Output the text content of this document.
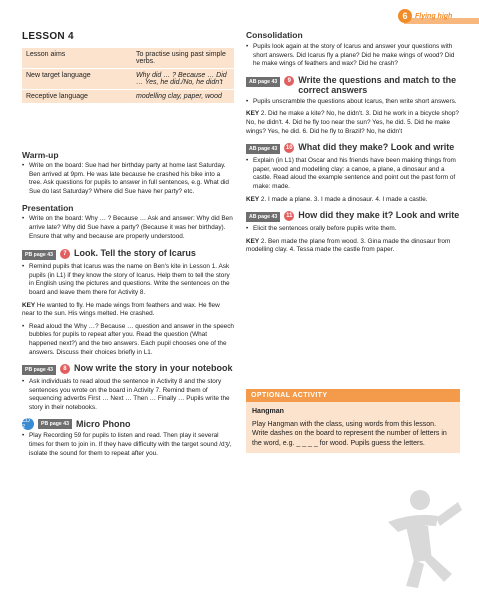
6	Flying high
LESSON 4
Lesson aims	To practise using past simple verbs.
New target language	Why did … ? Because … Did … Yes, he did./No, he didn't
Receptive language	modelling clay, paper, wood

Warm-up

• Write on the board: Sue had her birthday party at home last Saturday. Ben arrived at 9pm. He was late because he crashed his bike into a tree. Ask questions for pupils to answer in full sentences, e.g. What did Sue do last Saturday? Where did Sue have her party? etc.

Presentation

• Write on the board: Why … ? Because … Ask and answer: Why did Ben arrive late? Why did Sue have a party? (Because it was her birthday). Ensure that why and because are properly understood.

PB page 43	7 Look. Tell the story of Icarus

• Remind pupils that Icarus was the name on Ben's kite in Lesson 1. Ask pupils (in L1) if they know the story of Icarus. Help them to tell the story in English using the pictures and questions. Write the sentences on the board and leave them there for Activity 8.

KEY He wanted to fly. He made wings from feathers and wax. He flew near to the sun. His wings melted. He crashed.

• Read aloud the Why …? Because … question and answer in the speech bubbles for pupils to repeat after you. Read the question (What happened next?) and the two answers. Each pupil chooses one of the answers. Discuss their choices briefly in L1.

PB page 43	8 Now write the story in your notebook

• Ask individuals to read aloud the sentence in Activity 8 and the story sentences you wrote on the board in Activity 7. Remind them of sequencing adverbs First … Next … Then … Finally … Pupils write the story in their notebooks.

CD 2	PB page 43 Micro Phono

• Play Recording 59 for pupils to listen and read. Then play it several times for them to join in. If they have difficulty with the target sound /dʒ/, isolate the sound for them to repeat after you.

Consolidation

• Pupils look again at the story of Icarus and answer your questions with short answers. Did Icarus fly a plane? Did he make wings of wood? Did he make wings of feathers and wax? Did he crash?

AB page 43	9 Write the questions and match to the correct answers

• Pupils unscramble the questions about Icarus, then write short answers.

KEY 2. Did he make a kite? No, he didn't. 3. Did he work in a bicycle shop? No, he didn't. 4. Did he fly too near the sun? Yes, he did. 5. Did he make wings? Yes, he did. 6. Did he fly to Brazil? No, he didn't

AB page 43	10 What did they make? Look and write

• Explain (in L1) that Oscar and his friends have been making things from paper, wood and modelling clay: a canoe, a plane, a dinosaur and a castle. Read aloud the example sentence and point out the past form of make: made.

KEY 2. I made a plane. 3. I made a dinosaur. 4. I made a castle.

AB page 43	11 How did they make it? Look and write

• Elicit the sentences orally before pupils write them.

KEY 2. Ben made the plane from wood. 3. Gina made the dinosaur from modelling clay. 4. Tessa made the castle from paper.

OPTIONAL ACTIVITY
Hangman
Play Hangman with the class, using words from this lesson. Write dashes on the board to represent the number of letters in the word, e.g. _ _ _ _ for wood. Pupils guess the letters.
